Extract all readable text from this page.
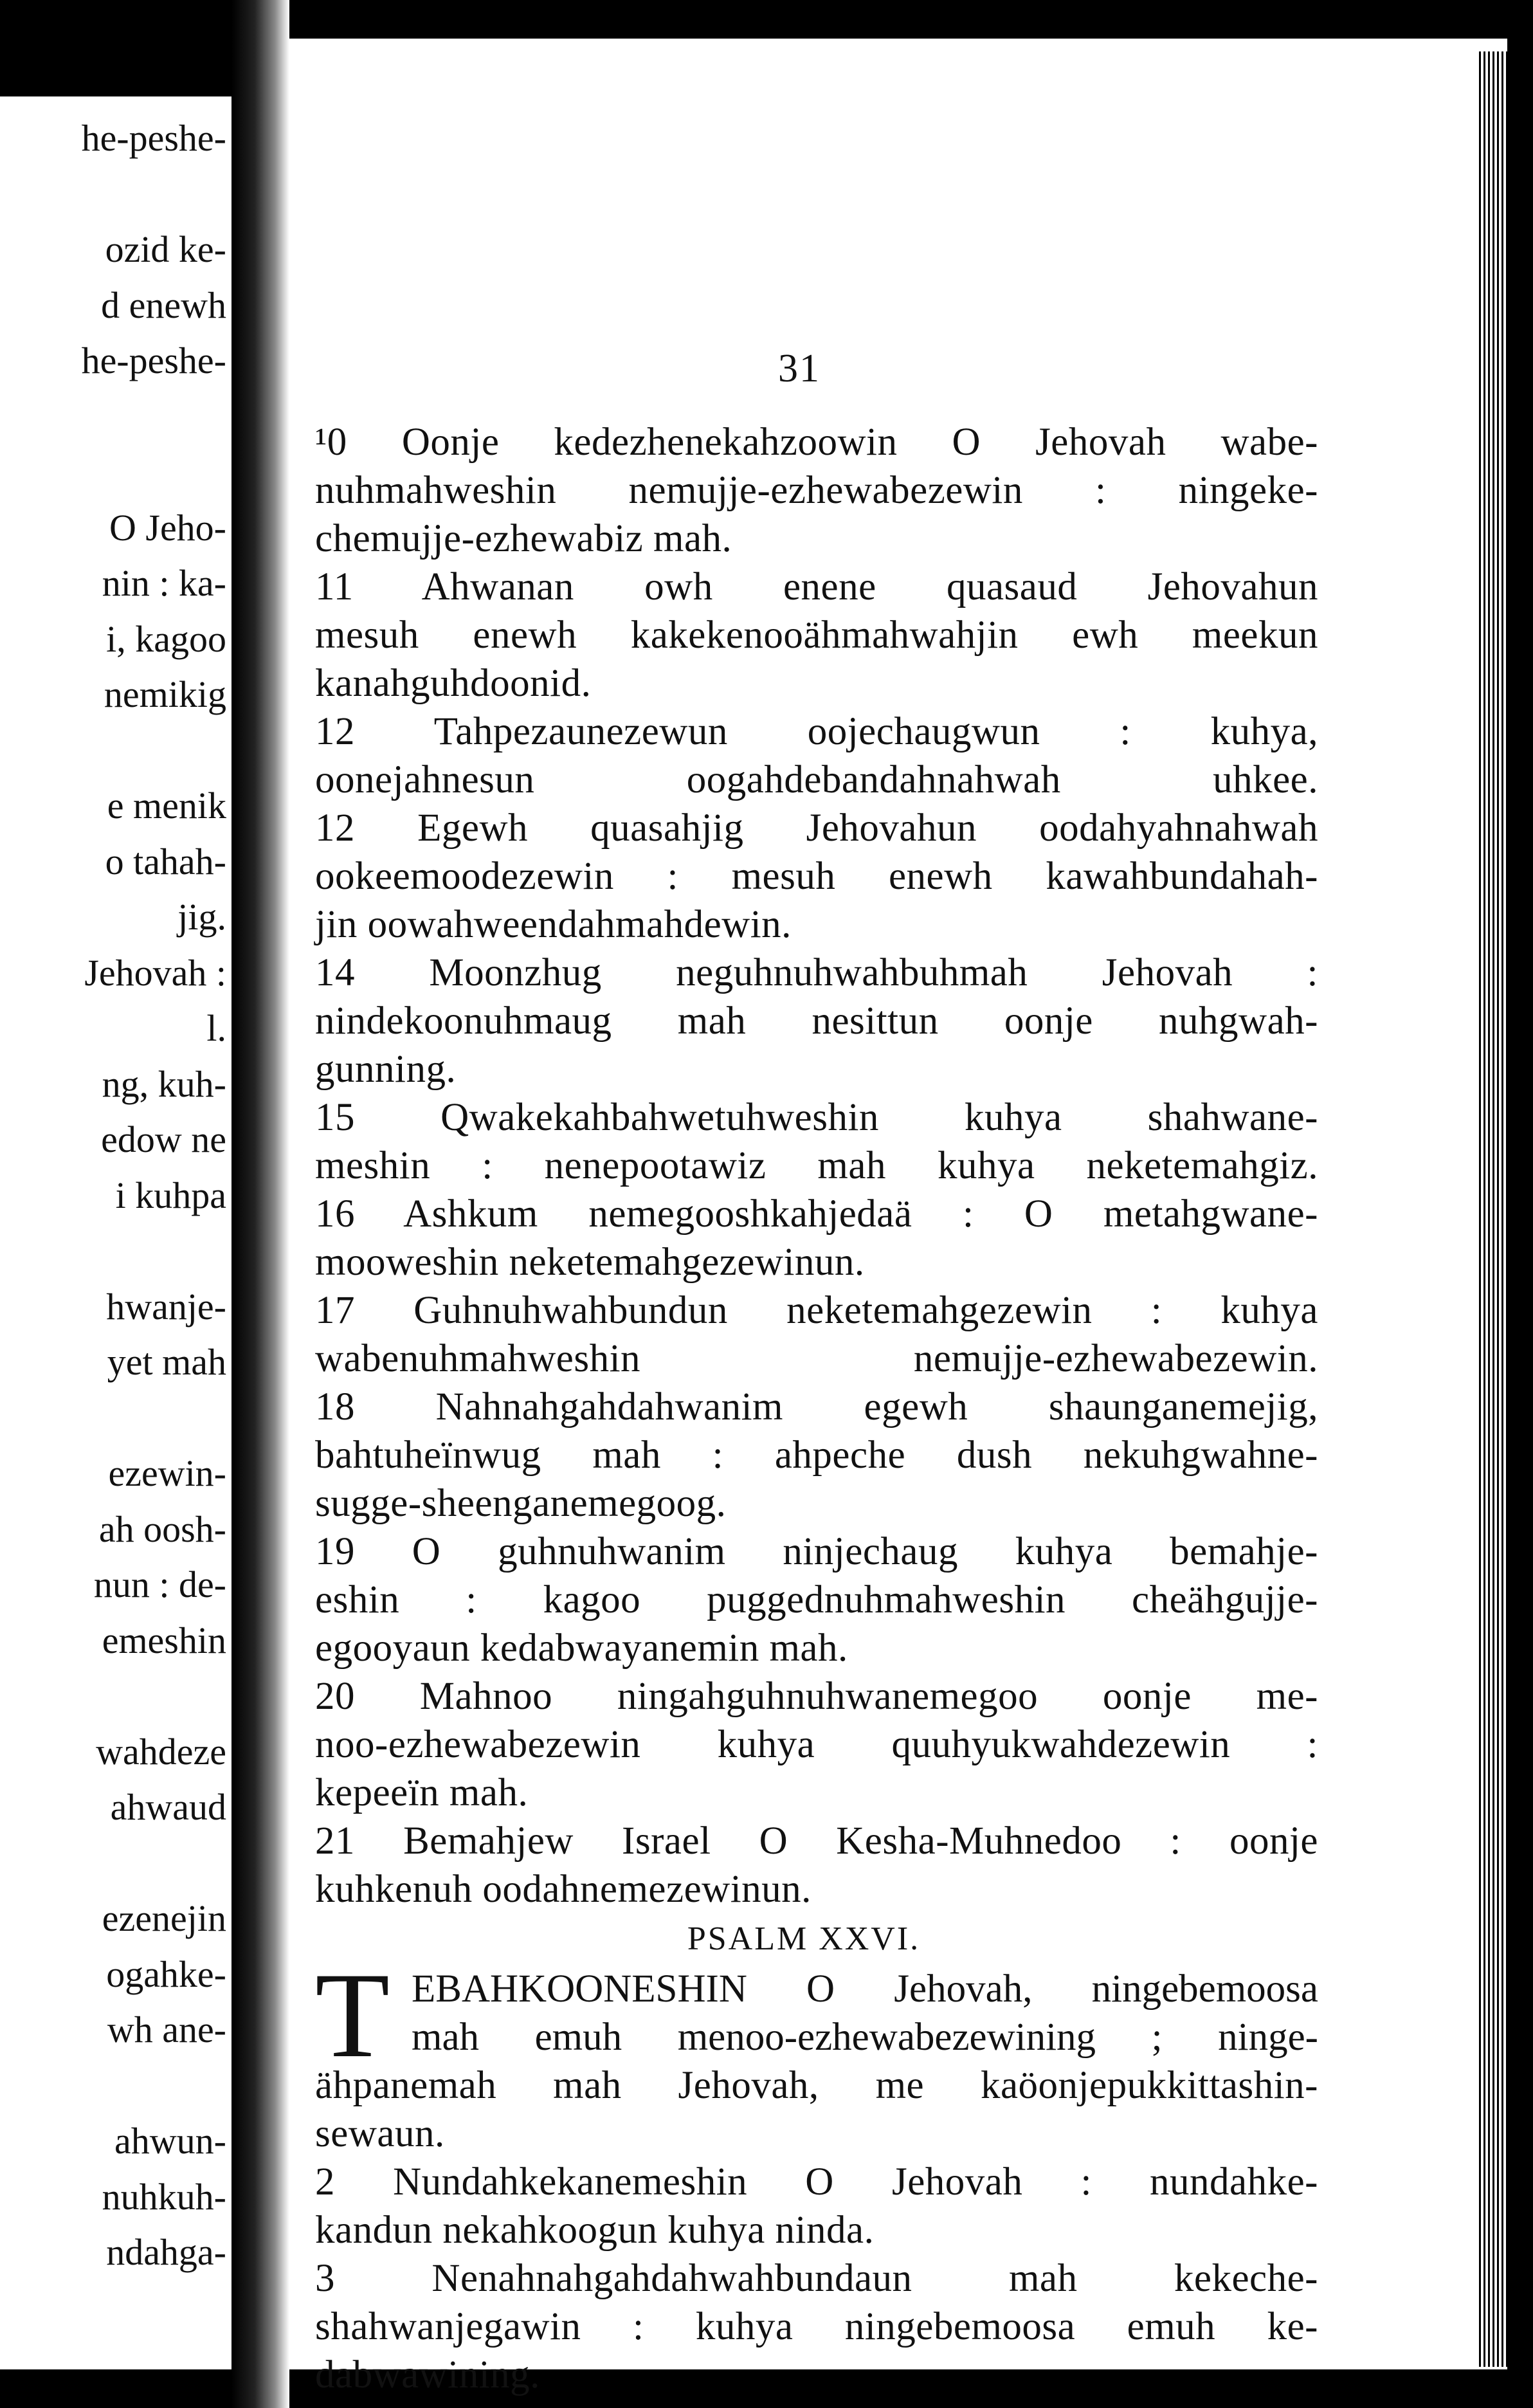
he-peshe-
ozid ke-
d enewh
he-peshe-
O Jeho-
nin : ka-
i, kagoo
nemikig
e menik
o tahah-
jig.
Jehovah :
l.
ng, kuh-
edow ne
i kuhpa
hwanje-
yet mah
ezewin-
ah oosh-
nun : de-
emeshin
wahdeze
ahwaud
ezenejin
ogahke-
wh ane-
ahwun-
nuhkuh-
ndahga-
31
¹0 Oonje kedezhenekahzoowin O Jehovah wabe-
nuhmahweshin nemujje-ezhewabezewin : ningeke-
chemujje-ezhewabiz mah.
11 Ahwanan owh enene quasaud Jehovahun
mesuh enewh kakekenooähmahwahjin ewh meekun
kanahguhdoonid.
12 Tahpezaunezewun oojechaugwun : kuhya,
oonejahnesun oogahdebandahnahwah uhkee.
12 Egewh quasahjig Jehovahun oodahyahnahwah
ookeemoodezewin : mesuh enewh kawahbundahah-
jin oowahweendahmahdewin.
14 Moonzhug neguhnuhwahbuhmah Jehovah :
nindekoonuhmaug mah nesittun oonje nuhgwah-
gunning.
15 Qwakekahbahwetuhweshin kuhya shahwane-
meshin : nenepootawiz mah kuhya neketemahgiz.
16 Ashkum nemegooshkahjedaä : O metahgwane-
mooweshin neketemahgezewinun.
17 Guhnuhwahbundun neketemahgezewin : kuhya
wabenuhmahweshin nemujje-ezhewabezewin.
18 Nahnahgahdahwanim egewh shaunganemejig,
bahtuheïnwug mah : ahpeche dush nekuhgwahne-
sugge-sheenganemegoog.
19 O guhnuhwanim ninjechaug kuhya bemahje-
eshin : kagoo puggednuhmahweshin cheähgujje-
egooyaun kedabwayanemin mah.
20 Mahnoo ningahguhnuhwanemegoo oonje me-
noo-ezhewabezewin kuhya quuhyukwahdezewin :
kepeeïn mah.
21 Bemahjew Israel O Kesha-Muhnedoo : oonje
kuhkenuh oodahnemezewinun.
PSALM XXVI.
T EBAHKOONESHIN O Jehovah, ningebemoosa
mah emuh menoo-ezhewabezewining ; ninge-
ähpanemah mah Jehovah, me kaöonjepukkittashin-
sewaun.
2 Nundahkekanemeshin O Jehovah : nundahke-
kandun nekahkoogun kuhya ninda.
3 Nenahnahgahdahwahbundaun mah kekeche-
shahwanjegawin : kuhya ningebemoosa emuh ke-
dabwawining.
